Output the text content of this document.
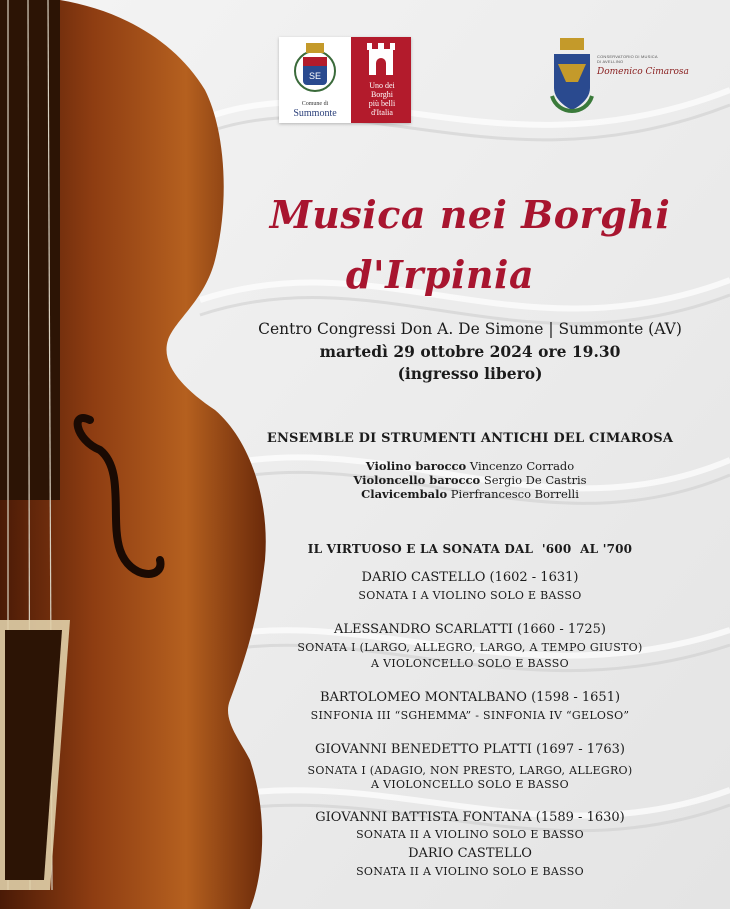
SE
Comune di
Summonte
Uno dei
Borghi
più belli
d'Italia
CONSERVATORIO DI MUSICA
DI AVELLINO
Domenico Cimarosa
Musica nei Borghi
d'Irpinia
Centro Congressi Don A. De Simone | Summonte (AV)
martedì 29 ottobre 2024 ore 19.30
(ingresso libero)
ENSEMBLE DI STRUMENTI ANTICHI DEL CIMAROSA
Violino barocco Vincenzo Corrado
Violoncello barocco Sergio De Castris
Clavicembalo Pierfrancesco Borrelli
IL VIRTUOSO E LA SONATA DAL  '600  AL '700
DARIO CASTELLO (1602 - 1631)
SONATA I A VIOLINO SOLO E BASSO
ALESSANDRO SCARLATTI (1660 - 1725)
SONATA I (LARGO, ALLEGRO, LARGO, A TEMPO GIUSTO)
A VIOLONCELLO SOLO E BASSO
BARTOLOMEO MONTALBANO (1598 - 1651)
SINFONIA III “SGHEMMA” - SINFONIA IV “GELOSO”
GIOVANNI BENEDETTO PLATTI (1697 - 1763)
SONATA I (ADAGIO, NON PRESTO, LARGO, ALLEGRO)
A VIOLONCELLO SOLO E BASSO
GIOVANNI BATTISTA FONTANA (1589 - 1630)
SONATA II A VIOLINO SOLO E BASSO
DARIO CASTELLO
SONATA II A VIOLINO SOLO E BASSO
